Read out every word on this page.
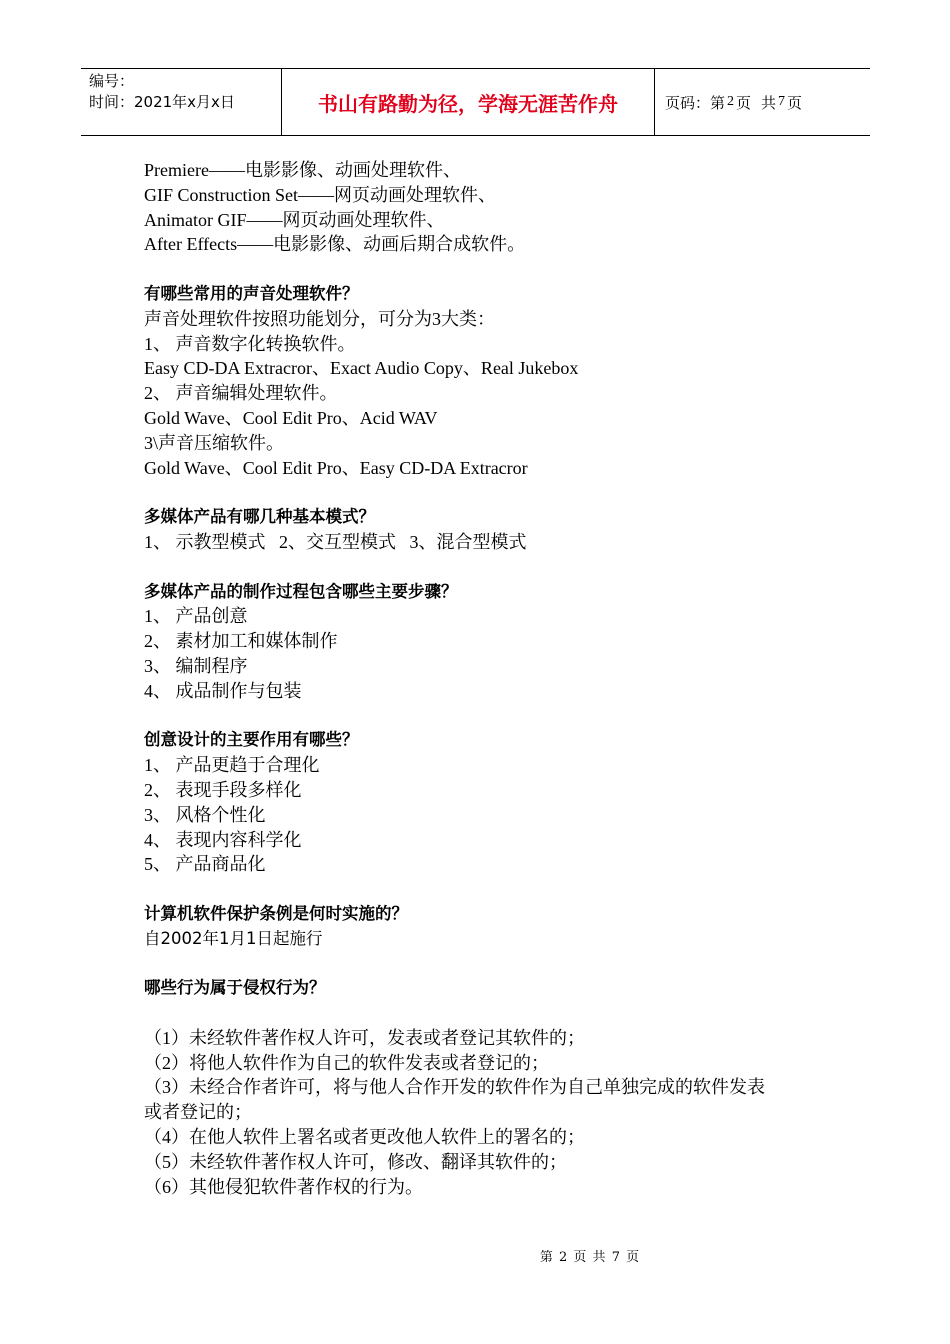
编号：
时间：2021年x月x日	书山有路勤为径，学海无涯苦作舟	页码：第 2 页 共 7 页
Premiere——电影影像、动画处理软件、
GIF Construction Set——网页动画处理软件、
Animator GIF——网页动画处理软件、
After Effects——电影影像、动画后期合成软件。
有哪些常用的声音处理软件？
声音处理软件按照功能划分，可分为3大类：
1、 声音数字化转换软件。
Easy CD-DA Extracror、Exact Audio Copy、Real Jukebox
2、 声音编辑处理软件。
Gold Wave、Cool Edit Pro、Acid WAV
3\声音压缩软件。
Gold Wave、Cool Edit Pro、Easy CD-DA Extracror
多媒体产品有哪几种基本模式？
1、 示教型模式   2、交互型模式   3、混合型模式
多媒体产品的制作过程包含哪些主要步骤？
1、 产品创意
2、 素材加工和媒体制作
3、 编制程序
4、 成品制作与包装
创意设计的主要作用有哪些？
1、 产品更趋于合理化
2、 表现手段多样化
3、 风格个性化
4、 表现内容科学化
5、 产品商品化
计算机软件保护条例是何时实施的？
自2002年1月1日起施行
哪些行为属于侵权行为？
（1）未经软件著作权人许可，发表或者登记其软件的；
（2）将他人软件作为自己的软件发表或者登记的；
（3）未经合作者许可，将与他人合作开发的软件作为自己单独完成的软件发表
或者登记的；
（4）在他人软件上署名或者更改他人软件上的署名的；
（5）未经软件著作权人许可，修改、翻译其软件的；
（6）其他侵犯软件著作权的行为。
第 2 页 共 7 页
